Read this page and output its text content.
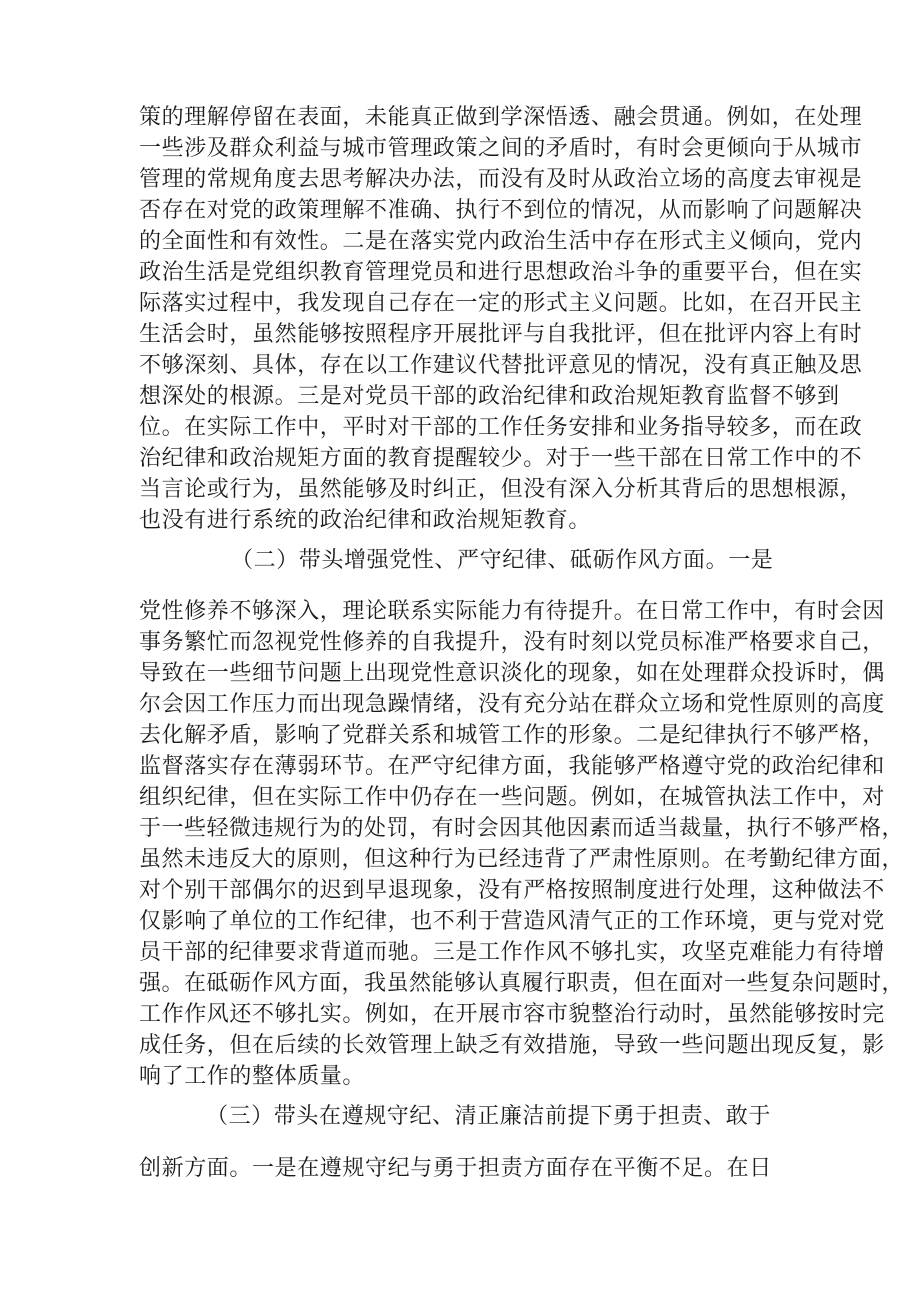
策的理解停留在表面，未能真正做到学深悟透、融会贯通。例如，在处理
一些涉及群众利益与城市管理政策之间的矛盾时，有时会更倾向于从城市
管理的常规角度去思考解决办法，而没有及时从政治立场的高度去审视是
否存在对党的政策理解不准确、执行不到位的情况，从而影响了问题解决
的全面性和有效性。二是在落实党内政治生活中存在形式主义倾向，党内
政治生活是党组织教育管理党员和进行思想政治斗争的重要平台，但在实
际落实过程中，我发现自己存在一定的形式主义问题。比如，在召开民主
生活会时，虽然能够按照程序开展批评与自我批评，但在批评内容上有时
不够深刻、具体，存在以工作建议代替批评意见的情况，没有真正触及思
想深处的根源。三是对党员干部的政治纪律和政治规矩教育监督不够到
位。在实际工作中，平时对干部的工作任务安排和业务指导较多，而在政
治纪律和政治规矩方面的教育提醒较少。对于一些干部在日常工作中的不
当言论或行为，虽然能够及时纠正，但没有深入分析其背后的思想根源，
也没有进行系统的政治纪律和政治规矩教育。
（二）带头增强党性、严守纪律、砥砺作风方面。一是
党性修养不够深入，理论联系实际能力有待提升。在日常工作中，有时会因
事务繁忙而忽视党性修养的自我提升，没有时刻以党员标准严格要求自己，
导致在一些细节问题上出现党性意识淡化的现象，如在处理群众投诉时，偶
尔会因工作压力而出现急躁情绪，没有充分站在群众立场和党性原则的高度
去化解矛盾，影响了党群关系和城管工作的形象。二是纪律执行不够严格，
监督落实存在薄弱环节。在严守纪律方面，我能够严格遵守党的政治纪律和
组织纪律，但在实际工作中仍存在一些问题。例如，在城管执法工作中，对
于一些轻微违规行为的处罚，有时会因其他因素而适当裁量，执行不够严格，
虽然未违反大的原则，但这种行为已经违背了严肃性原则。在考勤纪律方面，
对个别干部偶尔的迟到早退现象，没有严格按照制度进行处理，这种做法不
仅影响了单位的工作纪律，也不利于营造风清气正的工作环境，更与党对党
员干部的纪律要求背道而驰。三是工作作风不够扎实，攻坚克难能力有待增
强。在砥砺作风方面，我虽然能够认真履行职责，但在面对一些复杂问题时，
工作作风还不够扎实。例如，在开展市容市貌整治行动时，虽然能够按时完
成任务，但在后续的长效管理上缺乏有效措施，导致一些问题出现反复，影
响了工作的整体质量。
（三）带头在遵规守纪、清正廉洁前提下勇于担责、敢于
创新方面。一是在遵规守纪与勇于担责方面存在平衡不足。在日
